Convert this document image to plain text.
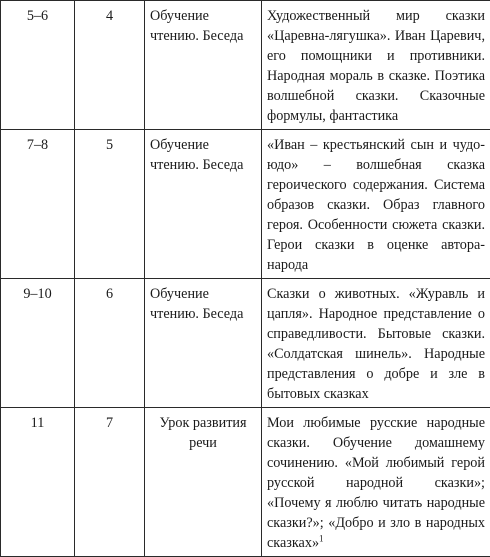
5–6	4	Обучение чтению. Беседа	Художественный мир сказки «Царевна-лягушка». Иван Царевич, его помощники и противники. Народная мораль в сказке. Поэтика волшебной сказки. Сказочные формулы, фантастика
7–8	5	Обучение чтению. Беседа	«Иван – крестьянский сын и чудо-юдо» – волшебная сказка героического содержания. Система образов сказки. Образ главного героя. Особенности сюжета сказки. Герои сказки в оценке автора-народа
9–10	6	Обучение чтению. Беседа	Сказки о животных. «Журавль и цапля». Народное представление о справедливости. Бытовые сказки. «Солдатская шинель». Народные представления о добре и зле в бытовых сказках
11	7	Урок развития речи	Мои любимые русские народные сказки. Обучение домашнему сочинению. «Мой любимый герой русской народной сказки»; «Почему я люблю читать народные сказки?»; «Добро и зло в народных сказках»$^1$
